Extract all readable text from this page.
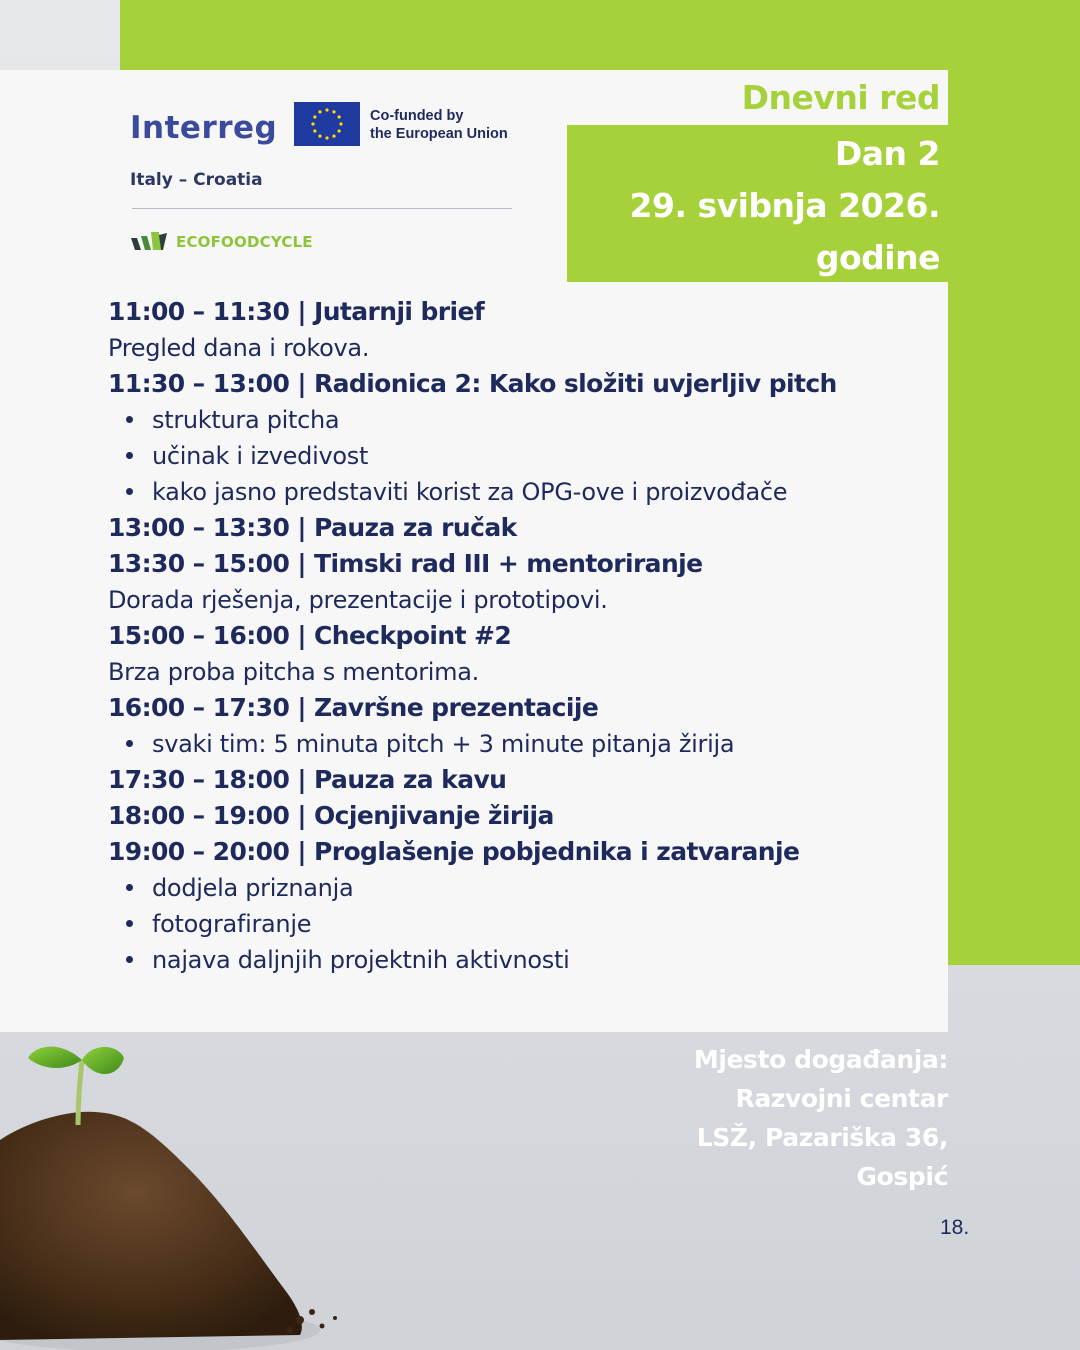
Dnevni red
Dan 2
29. svibnja 2026.
godine
Interreg	Co-funded by
the European Union
Italy – Croatia
ECOFOODCYCLE
11:00 – 11:30 | Jutarnji brief
Pregled dana i rokova.
11:30 – 13:00 | Radionica 2: Kako složiti uvjerljiv pitch
struktura pitcha
učinak i izvedivost
kako jasno predstaviti korist za OPG-ove i proizvođače
13:00 – 13:30 | Pauza za ručak
13:30 – 15:00 | Timski rad III + mentoriranje
Dorada rješenja, prezentacije i prototipovi.
15:00 – 16:00 | Checkpoint #2
Brza proba pitcha s mentorima.
16:00 – 17:30 | Završne prezentacije
svaki tim: 5 minuta pitch + 3 minute pitanja žirija
17:30 – 18:00 | Pauza za kavu
18:00 – 19:00 | Ocjenjivanje žirija
19:00 – 20:00 | Proglašenje pobjednika i zatvaranje
dodjela priznanja
fotografiranje
najava daljnjih projektnih aktivnosti
Mjesto događanja:
Razvojni centar
LSŽ, Pazariška 36,
Gospić
18.
